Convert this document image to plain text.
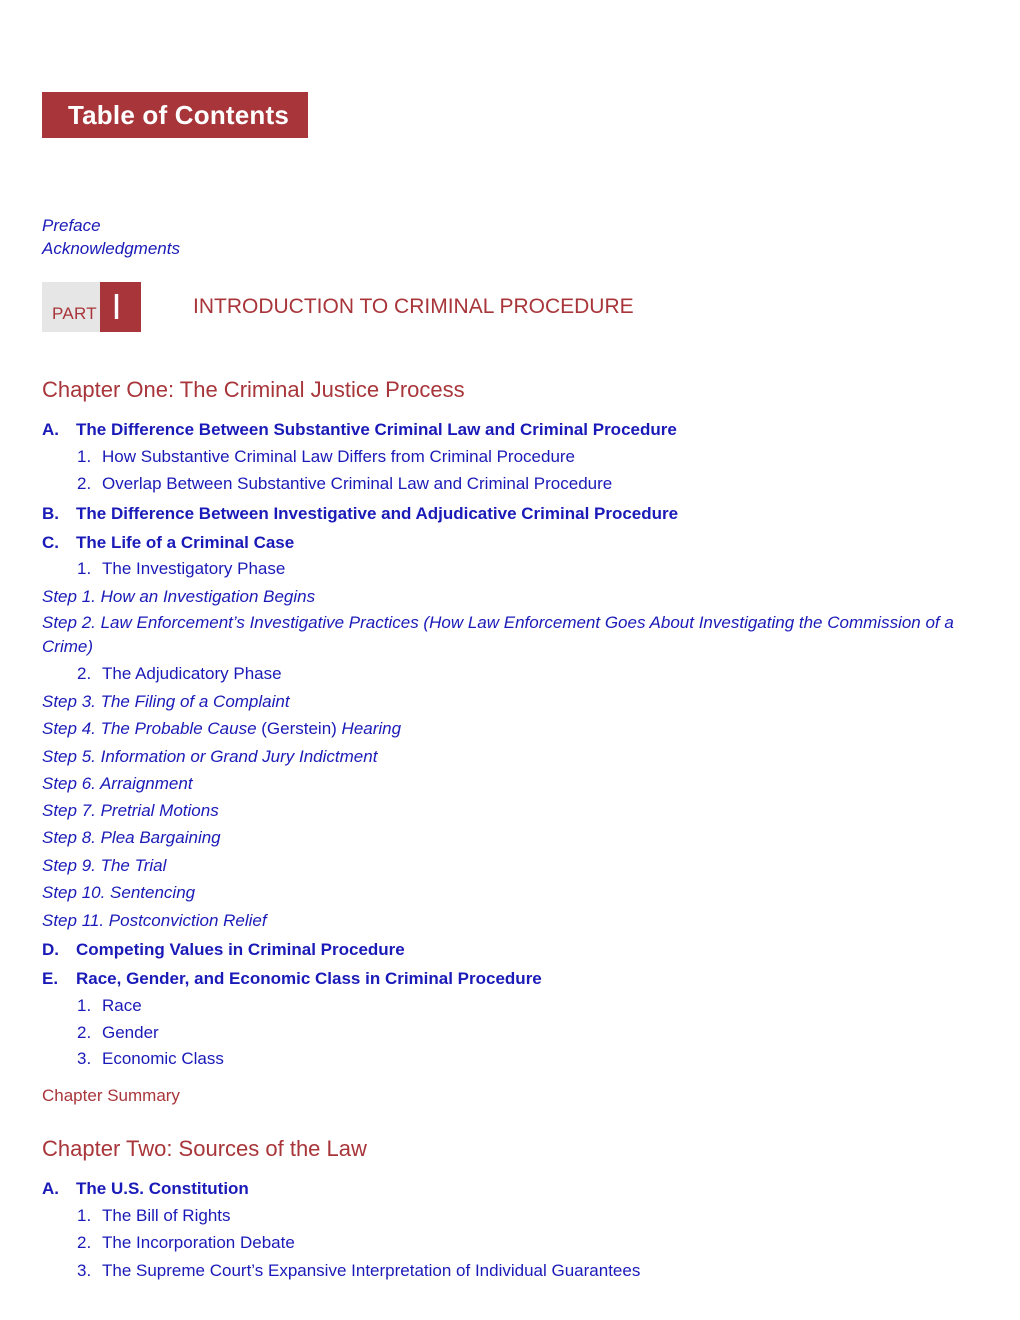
Table of Contents
Preface
Acknowledgments
PART I	INTRODUCTION TO CRIMINAL PROCEDURE
Chapter One: The Criminal Justice Process
A. The Difference Between Substantive Criminal Law and Criminal Procedure
1. How Substantive Criminal Law Differs from Criminal Procedure
2. Overlap Between Substantive Criminal Law and Criminal Procedure
B. The Difference Between Investigative and Adjudicative Criminal Procedure
C. The Life of a Criminal Case
1. The Investigatory Phase
Step 1. How an Investigation Begins
Step 2. Law Enforcement’s Investigative Practices (How Law Enforcement Goes About Investigating the Commission of a Crime)
2. The Adjudicatory Phase
Step 3. The Filing of a Complaint
Step 4. The Probable Cause (Gerstein) Hearing
Step 5. Information or Grand Jury Indictment
Step 6. Arraignment
Step 7. Pretrial Motions
Step 8. Plea Bargaining
Step 9. The Trial
Step 10. Sentencing
Step 11. Postconviction Relief
D. Competing Values in Criminal Procedure
E. Race, Gender, and Economic Class in Criminal Procedure
1. Race
2. Gender
3. Economic Class
Chapter Summary
Chapter Two: Sources of the Law
A. The U.S. Constitution
1. The Bill of Rights
2. The Incorporation Debate
3. The Supreme Court’s Expansive Interpretation of Individual Guarantees
